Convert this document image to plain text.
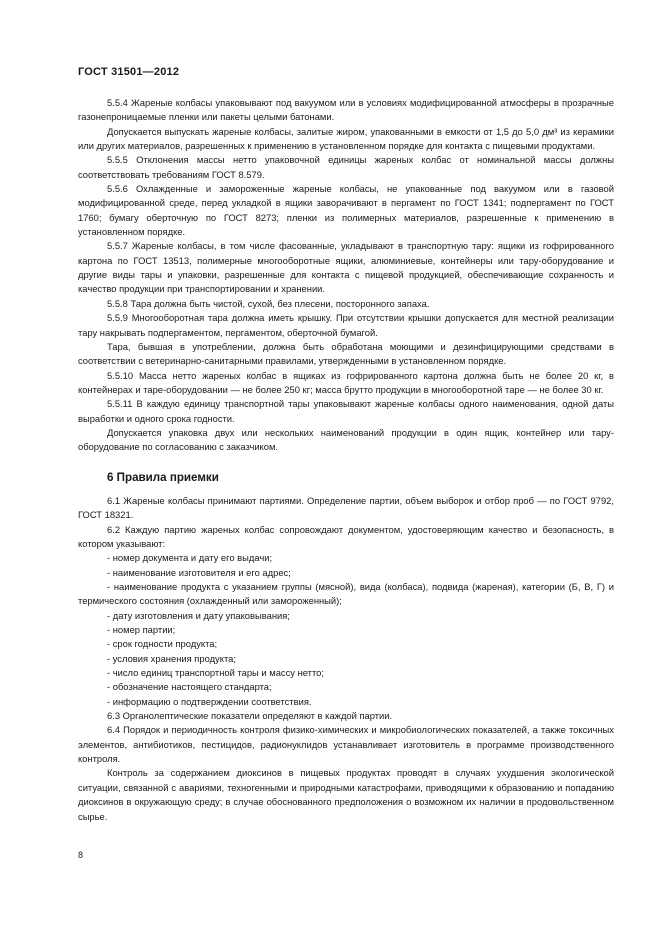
ГОСТ 31501—2012

5.5.4 Жареные колбасы упаковывают под вакуумом или в условиях модифицированной атмосферы в прозрачные газонепроницаемые пленки или пакеты целыми батонами.

Допускается выпускать жареные колбасы, залитые жиром, упакованными в емкости от 1,5 до 5,0 дм³ из керамики или других материалов, разрешенных к применению в установленном порядке для контакта с пищевыми продуктами.

5.5.5 Отклонения массы нетто упаковочной единицы жареных колбас от номинальной массы должны соответствовать требованиям ГОСТ 8.579.

5.5.6 Охлажденные и замороженные жареные колбасы, не упакованные под вакуумом или в газовой модифицированной среде, перед укладкой в ящики заворачивают в пергамент по ГОСТ 1341; подпергамент по ГОСТ 1760; бумагу оберточную по ГОСТ 8273; пленки из полимерных материалов, разрешенные к применению в установленном порядке.

5.5.7 Жареные колбасы, в том числе фасованные, укладывают в транспортную тару: ящики из гофрированного картона по ГОСТ 13513, полимерные многооборотные ящики, алюминиевые, контейнеры или тару-оборудование и другие виды тары и упаковки, разрешенные для контакта с пищевой продукцией, обеспечивающие сохранность и качество продукции при транспортировании и хранении.

5.5.8 Тара должна быть чистой, сухой, без плесени, посторонного запаха.

5.5.9 Многооборотная тара должна иметь крышку. При отсутствии крышки допускается для местной реализации тару накрывать подпергаментом, пергаментом, оберточной бумагой.

Тара, бывшая в употреблении, должна быть обработана моющими и дезинфицирующими средствами в соответствии с ветеринарно-санитарными правилами, утвержденными в установленном порядке.

5.5.10 Масса нетто жареных колбас в ящиках из гофрированного картона должна быть не более 20 кг, в контейнерах и таре-оборудовании — не более 250 кг; масса брутто продукции в многооборотной таре — не более 30 кг.

5.5.11 В каждую единицу транспортной тары упаковывают жареные колбасы одного наименования, одной даты выработки и одного срока годности.

Допускается упаковка двух или нескольких наименований продукции в один ящик, контейнер или тару-оборудование по согласованию с заказчиком.

6 Правила приемки

6.1 Жареные колбасы принимают партиями. Определение партии, объем выборок и отбор проб — по ГОСТ 9792, ГОСТ 18321.

6.2 Каждую партию жареных колбас сопровождают документом, удостоверяющим качество и безопасность, в котором указывают:

- номер документа и дату его выдачи;

- наименование изготовителя и его адрес;

- наименование продукта с указанием группы (мясной), вида (колбаса), подвида (жареная), категории (Б, В, Г) и термического состояния (охлажденный или замороженный);

- дату изготовления и дату упаковывания;

- номер партии;

- срок годности продукта;

- условия хранения продукта;

- число единиц транспортной тары и массу нетто;

- обозначение настоящего стандарта;

- информацию о подтверждении соответствия.

6.3 Органолептические показатели определяют в каждой партии.

6.4 Порядок и периодичность контроля физико-химических и микробиологических показателей, а также токсичных элементов, антибиотиков, пестицидов, радионуклидов устанавливает изготовитель в программе производственного контроля.

Контроль за содержанием диоксинов в пищевых продуктах проводят в случаях ухудшения экологической ситуации, связанной с авариями, техногенными и природными катастрофами, приводящими к образованию и попаданию диоксинов в окружающую среду; в случае обоснованного предположения о возможном их наличии в продовольственном сырье.

8
